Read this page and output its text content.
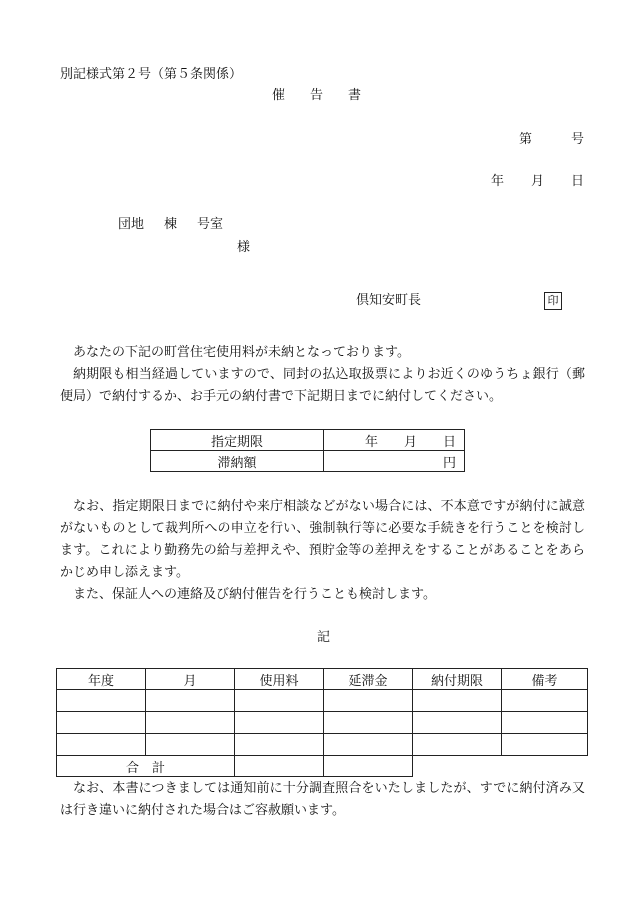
別記様式第２号（第５条関係）
催 告 書
第	号
年 月 日
団地 棟 号室
様
倶知安町長	印

あなたの下記の町営住宅使用料が未納となっております。

納期限も相当経過していますので、同封の払込取扱票によりお近くのゆうちょ銀行（郵便局）で納付するか、お手元の納付書で下記期日までに納付してください。

指定期限	年 月 日
滞納額	円

なお、指定期限日までに納付や来庁相談などがない場合には、不本意ですが納付に誠意がないものとして裁判所への申立を行い、強制執行等に必要な手続きを行うことを検討します。これにより勤務先の給与差押えや、預貯金等の差押えをすることがあることをあらかじめ申し添えます。

また、保証人への連絡及び納付催告を行うことも検討します。

記
年度	月	使用料	延滞金	納付期限	備考

合　計					

なお、本書につきましては通知前に十分調査照合をいたしましたが、すでに納付済み又は行き違いに納付された場合はご容赦願います。
